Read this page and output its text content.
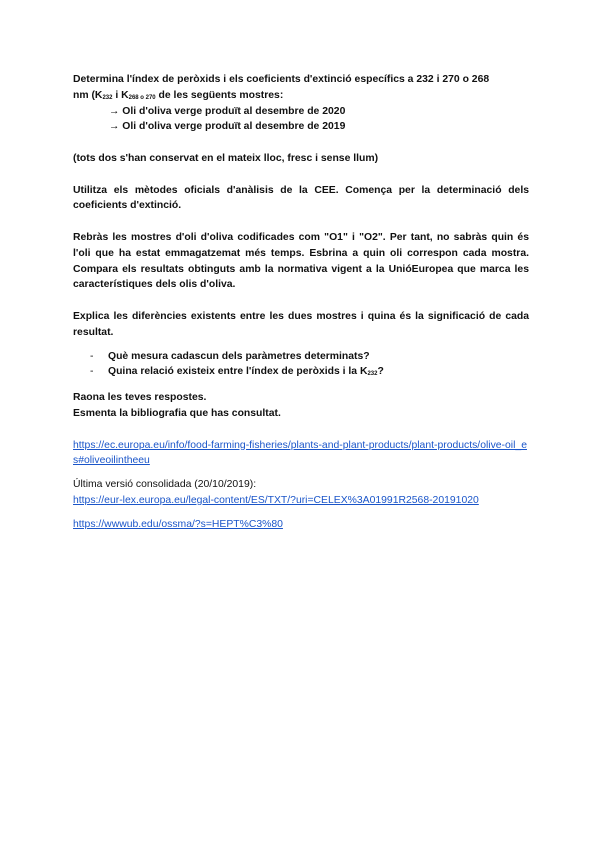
Determina l'índex de peròxids i els coeficients d'extinció específics a 232 i 270 o 268

nm ($K_{232}$ i $K_{268 o 270}$ de les següents mostres:

→ Oli d'oliva verge produït al desembre de 2020

→ Oli d'oliva verge produït al desembre de 2019

(tots dos s'han conservat en el mateix lloc, fresc i sense llum)

Utilitza els mètodes oficials d'anàlisis de la CEE. Comença per la determinació dels coeficients d'extinció.

Rebràs les mostres d'oli d'oliva codificades com "O1" i "O2". Per tant, no sabràs quin és l'oli que ha estat emmagatzemat més temps. Esbrina a quin oli correspon cada mostra. Compara els resultats obtinguts amb la normativa vigent a la UnióEuropea que marca les característiques dels olis d'oliva.

Explica les diferències existents entre les dues mostres i quina és la significació de cada resultat.

- Què mesura cadascun dels paràmetres determinats?
- Quina relació existeix entre l'índex de peròxids i la $K_{232}$?

Raona les teves respostes.

Esmenta la bibliografia que has consultat.

https://ec.europa.eu/info/food-farming-fisheries/plants-and-plant-products/plant-products/olive-oil_es#oliveoilintheeu

Última versió consolidada (20/10/2019):

https://eur-lex.europa.eu/legal-content/ES/TXT/?uri=CELEX%3A01991R2568-20191020

https://wwwub.edu/ossma/?s=HEPT%C3%80
